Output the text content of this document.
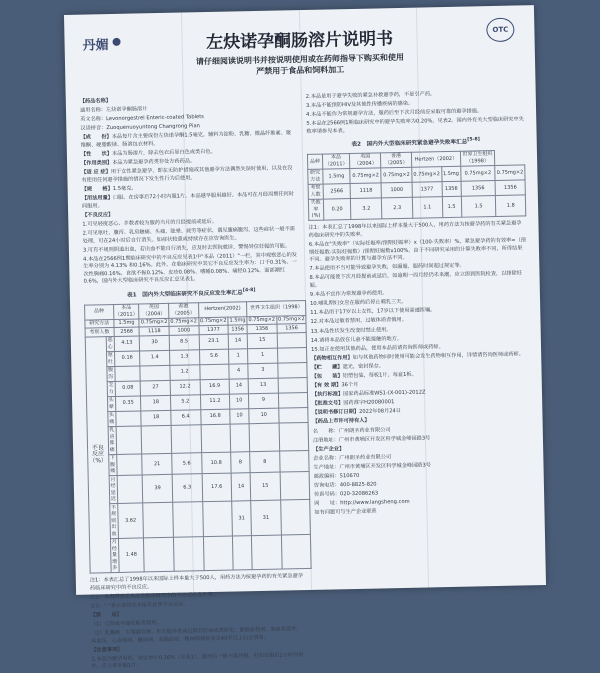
丹媚
OTC
左炔诺孕酮肠溶片说明书
请仔细阅读说明书并按说明使用或在药师指导下购买和使用
严禁用于食品和饲料加工

【药品名称】

通用名称：左炔诺孕酮肠溶片

英文名称：Levonorgestrel Enteric-coated Tablets

汉语拼音：Zuoquenuoyuntong Changrong Pian

【成　　份】本品每片含主要成份左炔诺孕酮1.5毫克。辅料为淀粉、乳糖、微晶纤维素、聚维酮、硬脂酸镁、肠溶包衣材料。

【性　　状】本品为肠溶片，除去包衣后显白色或类白色。

【作用类别】本品为紧急避孕药类非处方药药品。

【适 应 症】用于女性紧急避孕，即在无防护措施或其他避孕方法偶然失误时使用，以及在没有使用任何避孕措施的情况下发生性行为后使用。

【规　　格】1.5毫克。

【用法用量】口服。在房事后72小时内服1片。本品越早服用越好。本品可在月经周期任何时间服用。

【不良反应】

1.可见轻度恶心、多数者较为服药当月的月经提前或延后。

2.可见呕吐、腹泻、乳房触痛、头痛、眩晕、疲劳等症状，偶见腹痛腹泻，这些症状一般不需处理，可在24小时后自行消失。如症状较重或持续存在应咨询医生。

3.可有不规则阴道出血，若出血不能自行消失，应及时去医院就诊，警惕异位妊娠的可能。

4.本品在2566例1期临床研究中的不良反应见表1中"本品（2011）"一栏。其中观察恶心的发生率分别为 4.13% 和0.16%。此外，在临床研究中其它不良反应发生率为：口干0.31%、一次性胸痛0.16%、食欲不振0.12%、皮疹0.08%、嗜睡0.08%、痛经0.12%、面部潮红0.6%，国内外大型临床研究不良反应汇总见表1。

表1　国内外大型临床研究不良反应发生率汇总[4-8]
品种		本品（2011）	英国（2004）	香港（2005）	Hertzen(2002)		世界卫生组织（1998）	
研究方法		1.5mg	0.75mg×2	0.75mg×2	0.75mg×2	1.5mg	0.75mg×2	0.75mg×2
考察人数		2566	1118	1000	1377	1356	1356	1356
不良反应（%）	恶心	4.13	30	8.5	23.1	14	15	
	呕吐	0.16	1.4	1.3	5.6	1	1	
	腹泻			1.2		4	3	
	乏力	0.08	27	12.2	16.9	14	13	
	头晕	0.35	18	5.2	11.2	10	9	
	头痛		18	6.4	16.8	10	10	
	乳房胀痛							
	下腹痛		21	5.6	10.8	8	8	
	月经延迟		39	6.3	17.6	14	15	
	不规则出血	3.62				31	31	
	月经量增多	1.48						

注1：本表汇总了1998年以来国际上样本量大于500人，用药方法为按避孕药的有关紧急避孕药临床研究中的不良反应。

注2：本表所表示本品在临床研究中的不良反应发生率。

注3："-"表示该研究未报告此项不良反应。

【禁　　忌】

（1）已知或可疑妊娠者禁用。

（2）乳腺癌、生殖器官癌、肝功能异常或近期有肝病或黄疸史、静脉血栓病、脑血管意外、高血压、心血管病、糖尿病、高脂血症、精神抑郁症者及40岁以上妇女禁用。

【注意事项】

1.本品为避孕用药，规定单片0.16%（见表1），服用后一般不需补服，但如在服后2小时内呕吐，应立即补服1片。

2.本品是用于避孕失败的紧急补救避孕药，不是引产药。

3.本品不能预防HIV及其他性传播疾病的感染。

4.本品不能作为常规避孕方法，服药后至下次月经前应采取可靠的避孕措施。

5.本品在2566例1期临床研究中的避孕失败率为0.20%，见表2。国内外有关大型临床研究中失败率请参见本表。

表2　国内外大型临床研究紧急避孕失败率汇总[5-8]
品种	本品（2011）	英国（2004）	香港（2005）	Hertzen（2002）		世界卫生组织（1998）	
研究方法	1.5mg	0.75mg×2	0.75mg×2	0.75mg×2	1.5mg	0.75mg×2	0.75mg×2
考察人数	2566	1118	1000	1377	1356	1356	1356
失败率(%)	0.20	3.2	2.3	1.1	1.5	1.5	1.8

注1：本表汇总了1998年以来国际上样本量大于500人，用药方法为按避孕药的有关紧急避孕药临床研究中的失败率。

6.本品在"失败率"（实际妊娠率/预期妊娠率）x（100-失败率）%，紧急避孕药的有效率=（预期妊娠数-实际妊娠数）/预期妊娠数x100%。由于不同研究采用的计算失败率不同，所得结果不同。避孕失败率的计算与避孕方法不同。

7.本品使用不当可能导致避孕失败，如漏服、服药时间超过规定等。

8.本品可能使下次月经提前或延后，如逾期一周月经仍未来潮，应立即到医院检查，以排除妊娠。

9.本品不宜作为常规避孕药使用。

10.哺乳期妇女应在服药后停止哺乳三天。

11.本品用于17岁以上女性，17岁以下使用需遵医嘱。

12.对本品过敏者禁用，过敏体质者慎用。

13.本品性状发生改变时禁止使用。

14.请将本品放在儿童不能接触的地方。

15.如正在使用其他药品，使用本品前请咨询医师或药师。

【药物相互作用】如与其他药物同时使用可能会发生药物相互作用，详情请咨询医师或药师。

【贮　　藏】遮光，密封保存。

【包　　装】铝塑包装，每板1片，每盒1板。

【有 效 期】36个月

【执行标准】国家药品标准WS1-(X-001)-2012Z

【批准文号】国药准字H20080001

【说明书修订日期】2022年08月24日

【药品上市许可持有人】

名　　称：广州朗圣药业有限公司

注册地址：广州市黄埔区开发区科学城金峰园路3号

【生产企业】

企业名称：广州朗圣药业有限公司

生产地址：广州市黄埔区开发区科学城金峰园路3号

邮政编码：510670

咨询电话：400-8825-820

传真号码：020-32086263

网　　址：http://www.langsheng.com

如有问题可与生产企业联系
